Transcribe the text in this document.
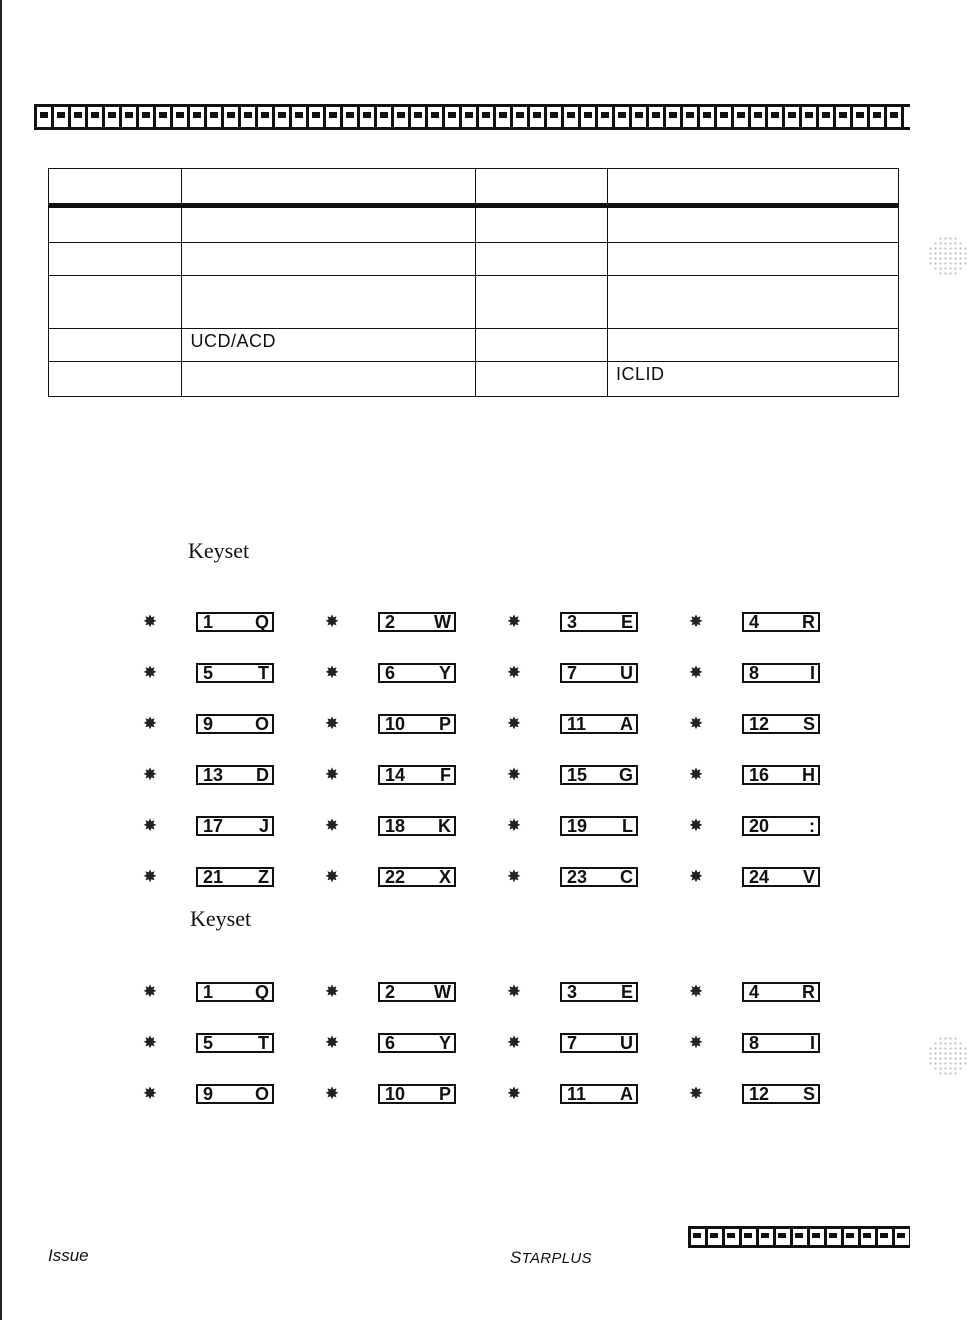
	UCD/ACD		

			ICLID
Keyset
✸	1 Q	✸	2 W	✸	3 E	✸	4 R
✸	5 T	✸	6 Y	✸	7 U	✸	8	I
✸	9 O	✸	10 P	✸	11 A	✸	12 S
✸	13 D	✸	14 F	✸	15 G	✸	16 H
✸	17 J	✸	18 K	✸	19 L	✸	20 :
✸	21 Z	✸	22 X	✸	23 C	✸	24 V
Keyset
✸	1 Q	✸	2 W	✸	3 E	✸	4 R
✸	5 T	✸	6 Y	✸	7 U	✸	8	I
✸	9 O	✸	10 P	✸	11 A	✸	12 S
Issue	STARPLUS
